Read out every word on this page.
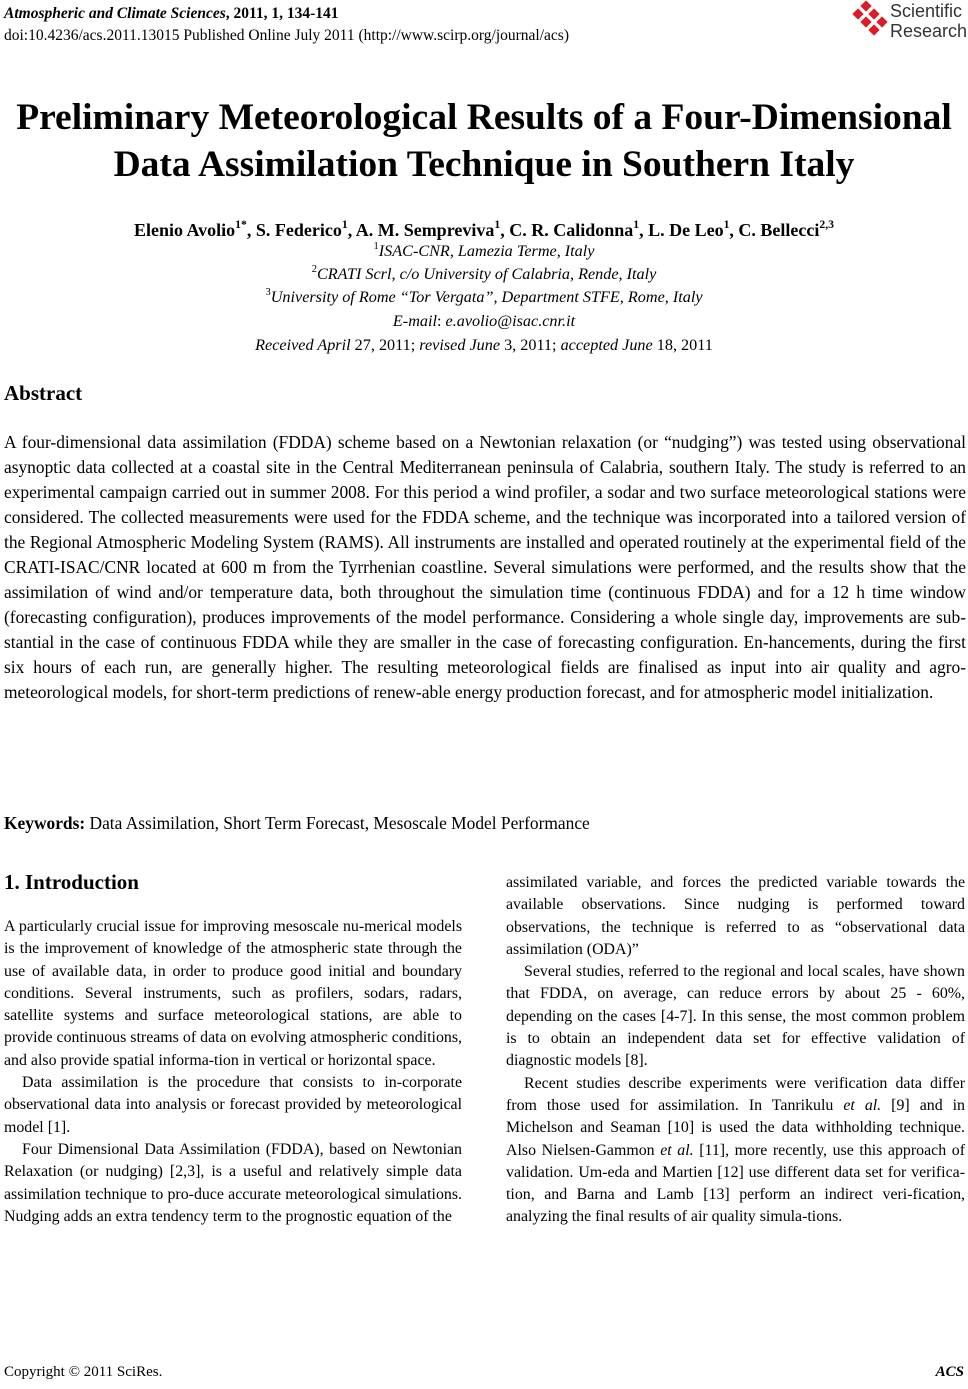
Atmospheric and Climate Sciences, 2011, 1, 134-141
doi:10.4236/acs.2011.13015 Published Online July 2011 (http://www.scirp.org/journal/acs)
Scientific
Research
Preliminary Meteorological Results of a Four-Dimensional
Data Assimilation Technique in Southern Italy
Elenio Avolio$^{1*}$, S. Federico$^1$, A. M. Sempreviva$^1$, C. R. Calidonna$^1$, L. De Leo$^1$, C. Bellecci$^{2,3}$
$^1$ISAC-CNR, Lamezia Terme, Italy
$^2$CRATI Scrl, c/o University of Calabria, Rende, Italy
$^3$University of Rome “Tor Vergata”, Department STFE, Rome, Italy
E-mail: e.avolio@isac.cnr.it
Received April 27, 2011; revised June 3, 2011; accepted June 18, 2011
Abstract

A four-dimensional data assimilation (FDDA) scheme based on a Newtonian relaxation (or “nudging”) was tested using observational asynoptic data collected at a coastal site in the Central Mediterranean peninsula of Calabria, southern Italy. The study is referred to an experimental campaign carried out in summer 2008. For this period a wind profiler, a sodar and two surface meteorological stations were considered. The collected measurements were used for the FDDA scheme, and the technique was incorporated into a tailored version of the Regional Atmospheric Modeling System (RAMS). All instruments are installed and operated routinely at the experimental field of the CRATI-ISAC/CNR located at 600 m from the Tyrrhenian coastline. Several simulations were performed, and the results show that the assimilation of wind and/or temperature data, both throughout the simulation time (continuous FDDA) and for a 12 h time window (forecasting configuration), produces improvements of the model performance. Considering a whole single day, improvements are sub-stantial in the case of continuous FDDA while they are smaller in the case of forecasting configuration. En-hancements, during the first six hours of each run, are generally higher. The resulting meteorological fields are finalised as input into air quality and agro-meteorological models, for short-term predictions of renew-able energy production forecast, and for atmospheric model initialization.

Keywords: Data Assimilation, Short Term Forecast, Mesoscale Model Performance
1. Introduction

A particularly crucial issue for improving mesoscale nu-merical models is the improvement of knowledge of the atmospheric state through the use of available data, in order to produce good initial and boundary conditions. Several instruments, such as profilers, sodars, radars, satellite systems and surface meteorological stations, are able to provide continuous streams of data on evolving atmospheric conditions, and also provide spatial informa-tion in vertical or horizontal space.

Data assimilation is the procedure that consists to in-corporate observational data into analysis or forecast provided by meteorological model [1].

Four Dimensional Data Assimilation (FDDA), based on Newtonian Relaxation (or nudging) [2,3], is a useful and relatively simple data assimilation technique to pro-duce accurate meteorological simulations. Nudging adds an extra tendency term to the prognostic equation of the

assimilated variable, and forces the predicted variable towards the available observations. Since nudging is performed toward observations, the technique is referred to as “observational data assimilation (ODA)”

Several studies, referred to the regional and local scales, have shown that FDDA, on average, can reduce errors by about 25 - 60%, depending on the cases [4-7]. In this sense, the most common problem is to obtain an independent data set for effective validation of diagnostic models [8].

Recent studies describe experiments were verification data differ from those used for assimilation. In Tanrikulu et al. [9] and in Michelson and Seaman [10] is used the data withholding technique. Also Nielsen-Gammon et al. [11], more recently, use this approach of validation. Um-eda and Martien [12] use different data set for verifica-tion, and Barna and Lamb [13] perform an indirect veri-fication, analyzing the final results of air quality simula-tions.

Copyright © 2011 SciRes.	ACS
